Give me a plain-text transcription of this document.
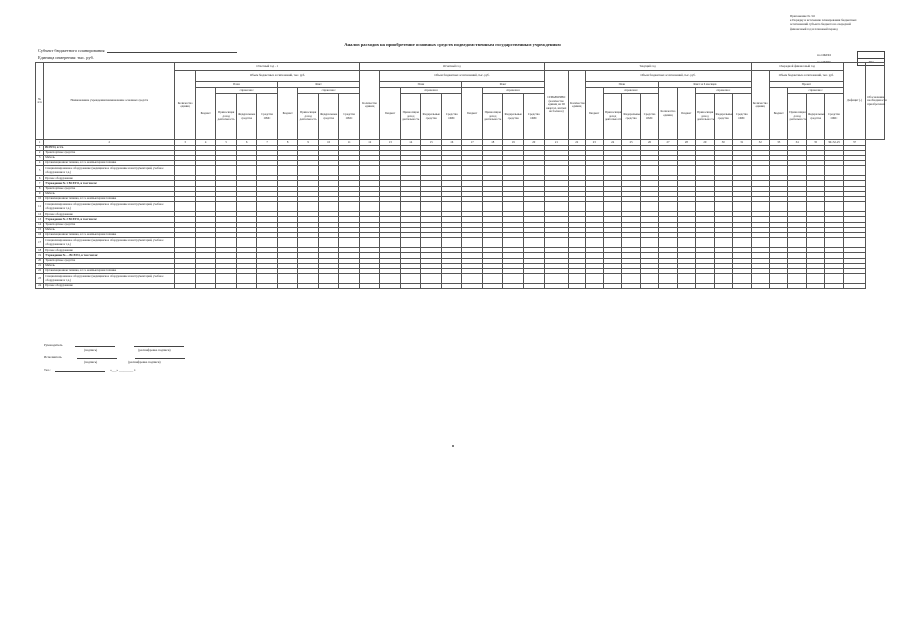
Приложение № 3.6
к Порядку и истечению планирования бюджетных
ассигнований субъекта бюджета на очередной
финансовый год и плановый период
Анализ расходов на приобретение основных средств подведомственным государственным учреждениям
Субъект бюджетного планирования
Единица измерения: тыс. руб.
по ОКПО
по ОКЕИ	384
№ п/п	Наименование учреждения/наименование основных средств	Отчетный год - 1									Отчетный год									Текущий год											Очередной финансовый год					Дефицит (-)	Обоснование необходимости приобретения
		Количество единиц	Объем бюджетных ассигнований, тыс. руб.								Количество единиц	Объем бюджетных ассигнований, тыс. руб.								СПРАВОЧНО (количество единиц на III квартал, взятых на балансе)	Количество единиц	Объем бюджетных ассигнований, тыс. руб.									Количество единиц	Объем бюджетных ассигнований, тыс. руб.					
			План				Факт					План				Факт						План				Факт за 6 месяцев						Проект					
			Бюджет	справочно:			Бюджет	справочно:				Бюджет	справочно:			Бюджет	справочно:					Бюджет	справочно:			Количество единиц	Бюджет	справочно:				Бюджет	справочно:				
				Приносящая доход деятельность	Федеральные средства	Средства ОМС		Приносящая доход деятельность	Федеральные средства	Средства ОМС			Приносящая доход деятельность	Федеральные средства	Средства ОМС		Приносящая доход деятельность	Федеральные средства	Средства ОМС				Приносящая доход деятельность	Федеральные средства	Средства ОМС			Приносящая доход деятельность	Федеральные средства	Средства ОМС			Приносящая доход деятельность	Федеральные средства	Средства ОМС		
1	2	3	4	5	6	7	8	9	10	11	12	13	14	15	16	17	18	19	20	21	22	23	24	25	26	27	28	29	30	31	32	33	34	35	36=32-25	37	
1	ВСЕГО, в т.ч.																																				
2	Транспортные средства																																				
3	Мебель																																				
4	Организационная техника, в т.ч. компьютерная техника																																				
5	Специализированное оборудование (медицинское оборудование и инструментарий, учебное оборудование и т.д.)																																				
6	Прочее оборудование																																				
7	Учреждение № 1 ВСЕГО, в том числе:																																				
8	Транспортные средства																																				
9	Мебель																																				
10	Организационная техника, в т.ч. компьютерная техника																																				
11	Специализированное оборудование (медицинское оборудование и инструментарий, учебное оборудование и т.д.)																																				
12	Прочее оборудование																																				
13	Учреждение № 2 ВСЕГО, в том числе:																																				
14	Транспортные средства																																				
15	Мебель																																				
16	Организационная техника, в т.ч. компьютерная техника																																				
17	Специализированное оборудование (медицинское оборудование и инструментарий, учебное оборудование и т.д.)																																				
18	Прочее оборудование																																				
19	Учреждение № ... ВСЕГО, в том числе:																																				
20	Транспортные средства																																				
21	Мебель																																				
22	Организационная техника, в т.ч. компьютерная техника																																				
23	Специализированное оборудование (медицинское оборудование и инструментарий, учебное оборудование и т.д.)																																				
24	Прочее оборудование																																				
Руководитель
(подпись)	(расшифровка подписи)
Исполнитель
(подпись)	(расшифровка подписи)
Тел.:	«___» _________ г.
